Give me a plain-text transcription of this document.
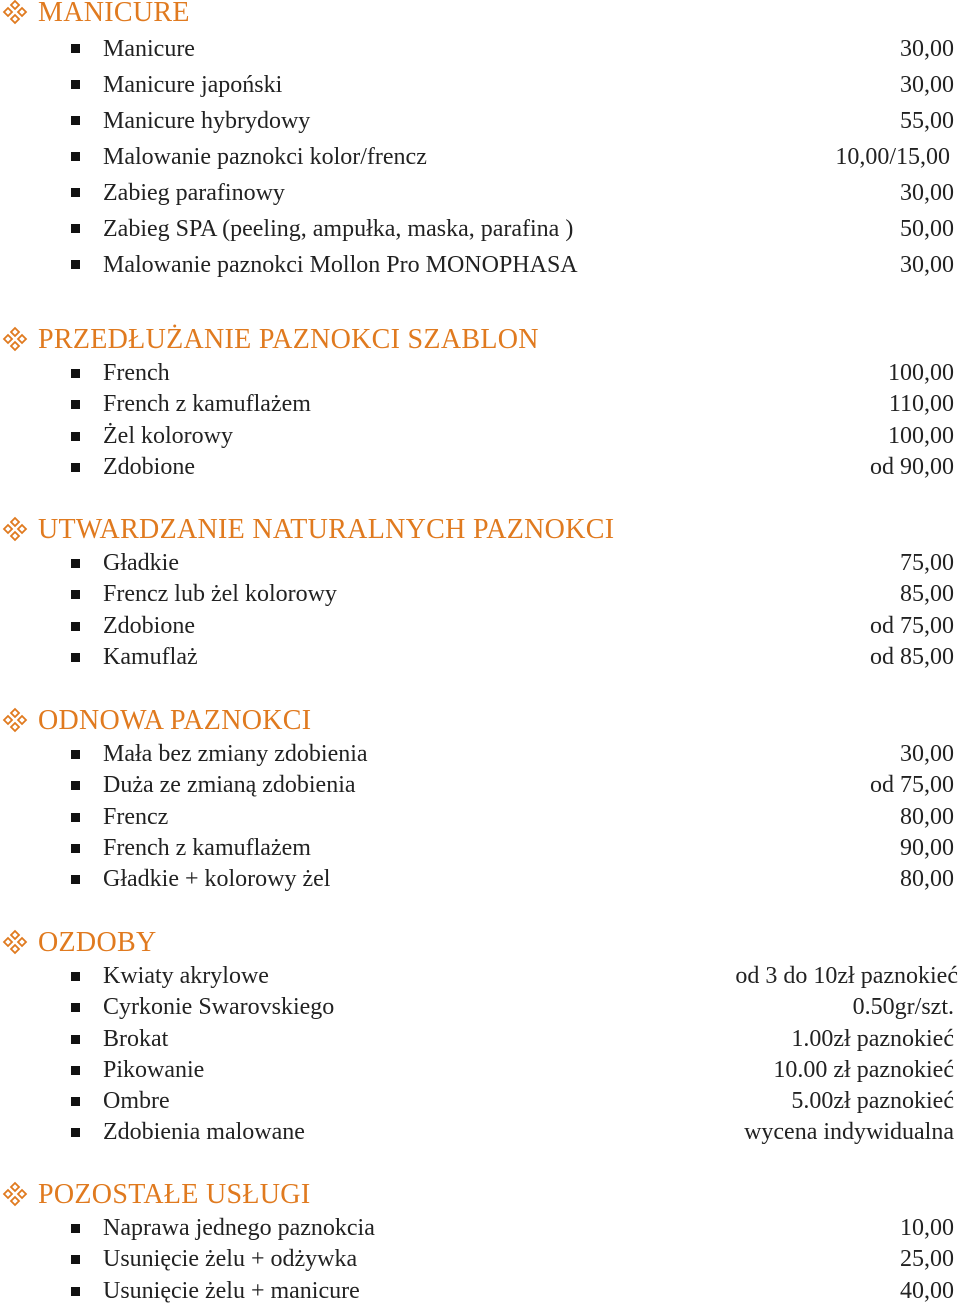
MANICURE
Manicure	30,00
Manicure japoński	30,00
Manicure hybrydowy	55,00
Malowanie paznokci kolor/frencz	10,00/15,00
Zabieg parafinowy	30,00
Zabieg SPA (peeling, ampułka, maska, parafina )	50,00
Malowanie paznokci Mollon Pro MONOPHASA	30,00
PRZEDŁUŻANIE PAZNOKCI SZABLON
French	100,00
French z kamuflażem	110,00
Żel kolorowy	100,00
Zdobione	od 90,00
UTWARDZANIE NATURALNYCH PAZNOKCI
Gładkie	75,00
Frencz lub żel kolorowy	85,00
Zdobione	od 75,00
Kamuflaż	od 85,00
ODNOWA PAZNOKCI
Mała bez zmiany zdobienia	30,00
Duża ze zmianą zdobienia	od 75,00
Frencz	80,00
French z kamuflażem	90,00
Gładkie + kolorowy żel	80,00
OZDOBY
Kwiaty akrylowe	od 3 do 10zł paznokieć
Cyrkonie Swarovskiego	0.50gr/szt.
Brokat	1.00zł paznokieć
Pikowanie	10.00 zł paznokieć
Ombre	5.00zł paznokieć
Zdobienia malowane	wycena indywidualna
POZOSTAŁE USŁUGI
Naprawa jednego paznokcia	10,00
Usunięcie żelu + odżywka	25,00
Usunięcie żelu + manicure	40,00
